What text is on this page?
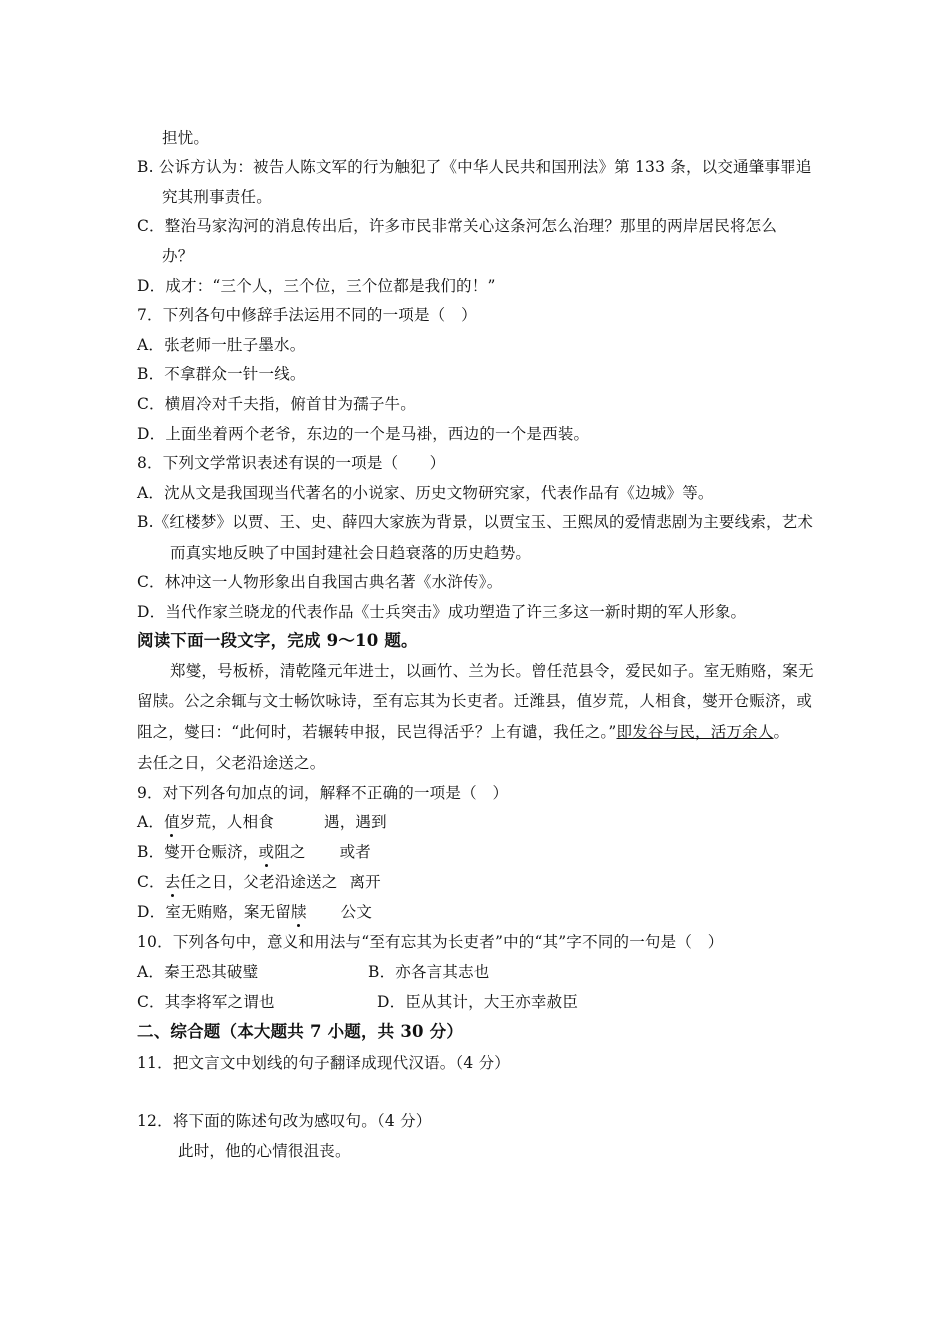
担忧。
B. 公诉方认为：被告人陈文军的行为触犯了《中华人民共和国刑法》第 133 条，以交通肇事罪追
究其刑事责任。
C．整治马家沟河的消息传出后，许多市民非常关心这条河怎么治理？那里的两岸居民将怎么
办？
D．成才：“三个人，三个位，三个位都是我们的！”
7．下列各句中修辞手法运用不同的一项是（　）
A．张老师一肚子墨水。
B．不拿群众一针一线。
C．横眉冷对千夫指，俯首甘为孺子牛。
D．上面坐着两个老爷，东边的一个是马褂，西边的一个是西装。
8．下列文学常识表述有误的一项是（　　）
A．沈从文是我国现当代著名的小说家、历史文物研究家，代表作品有《边城》等。
B.《红楼梦》以贾、王、史、薛四大家族为背景，以贾宝玉、王熙凤的爱情悲剧为主要线索，艺术
而真实地反映了中国封建社会日趋衰落的历史趋势。
C．林冲这一人物形象出自我国古典名著《水浒传》。
D．当代作家兰晓龙的代表作品《士兵突击》成功塑造了许三多这一新时期的军人形象。
阅读下面一段文字，完成 9～10 题。
郑燮，号板桥，清乾隆元年进士，以画竹、兰为长。曾任范县令，爱民如子。室无贿赂，案无
留牍。公之余辄与文士畅饮咏诗，至有忘其为长吏者。迁潍县，值岁荒，人相食，燮开仓赈济，或
阻之，燮曰：“此何时，若辗转申报，民岂得活乎？上有谴，我任之。”即发谷与民，活万余人。
去任之日，父老沿途送之。
9．对下列各句加点的词，解释不正确的一项是（　）
A．值岁荒，人相食	遇，遇到
B．燮开仓赈济，或阻之 或者
C．去任之日，父老沿途送之 离开
D．室无贿赂，案无留牍 公文
10．下列各句中，意义和用法与“至有忘其为长吏者”中的“其”字不同的一句是（　）
A．秦王恐其破璧	B．亦各言其志也
C．其李将军之谓也	D．臣从其计，大王亦幸赦臣
二、综合题（本大题共 7 小题，共 30 分）
11．把文言文中划线的句子翻译成现代汉语。（4 分）
12．将下面的陈述句改为感叹句。（4 分）
此时，他的心情很沮丧。
